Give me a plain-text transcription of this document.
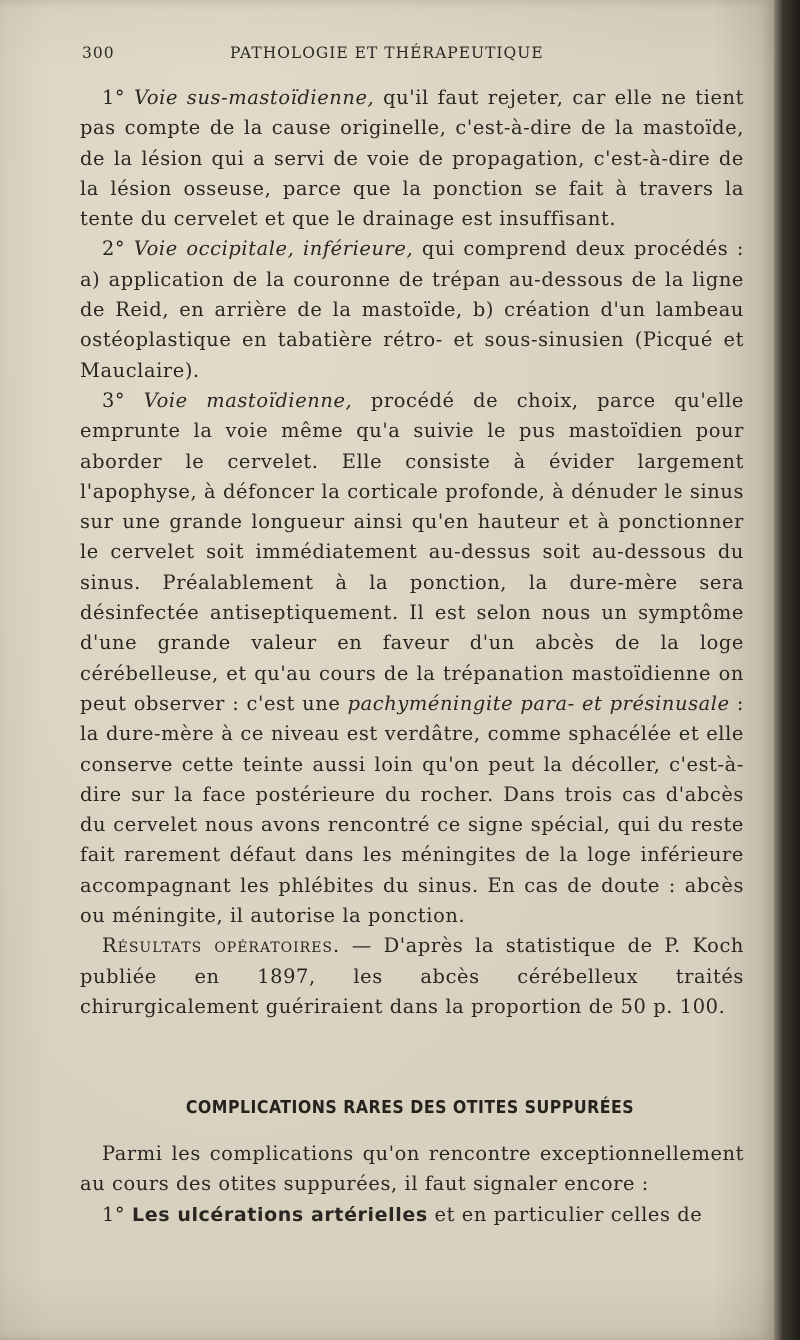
300	PATHOLOGIE ET THÉRAPEUTIQUE

1° Voie sus-mastoïdienne, qu'il faut rejeter, car elle ne tient pas compte de la cause originelle, c'est-à-dire de la mastoïde, de la lésion qui a servi de voie de propagation, c'est-à-dire de la lésion osseuse, parce que la ponction se fait à travers la tente du cervelet et que le drainage est insuffisant.

2° Voie occipitale, inférieure, qui comprend deux procédés : a) application de la couronne de trépan au-dessous de la ligne de Reid, en arrière de la mastoïde, b) création d'un lambeau ostéoplastique en tabatière rétro- et sous-sinusien (Picqué et Mauclaire).

3° Voie mastoïdienne, procédé de choix, parce qu'elle emprunte la voie même qu'a suivie le pus mastoïdien pour aborder le cervelet. Elle consiste à évider largement l'apophyse, à défoncer la corticale profonde, à dénuder le sinus sur une grande longueur ainsi qu'en hauteur et à ponctionner le cervelet soit immédiatement au-dessus soit au-dessous du sinus. Préalablement à la ponction, la dure-mère sera désinfectée antiseptiquement. Il est selon nous un symptôme d'une grande valeur en faveur d'un abcès de la loge cérébelleuse, et qu'au cours de la trépanation mastoïdienne on peut observer : c'est une pachyméningite para- et présinusale : la dure-mère à ce niveau est verdâtre, comme sphacélée et elle conserve cette teinte aussi loin qu'on peut la décoller, c'est-à-dire sur la face postérieure du rocher. Dans trois cas d'abcès du cervelet nous avons rencontré ce signe spécial, qui du reste fait rarement défaut dans les méningites de la loge inférieure accompagnant les phlébites du sinus. En cas de doute : abcès ou méningite, il autorise la ponction.

Résultats opératoires. — D'après la statistique de P. Koch publiée en 1897, les abcès cérébelleux traités chirurgicalement guériraient dans la proportion de 50 p. 100.

COMPLICATIONS RARES DES OTITES SUPPURÉES

Parmi les complications qu'on rencontre exceptionnellement au cours des otites suppurées, il faut signaler encore :

1° Les ulcérations artérielles et en particulier celles de
